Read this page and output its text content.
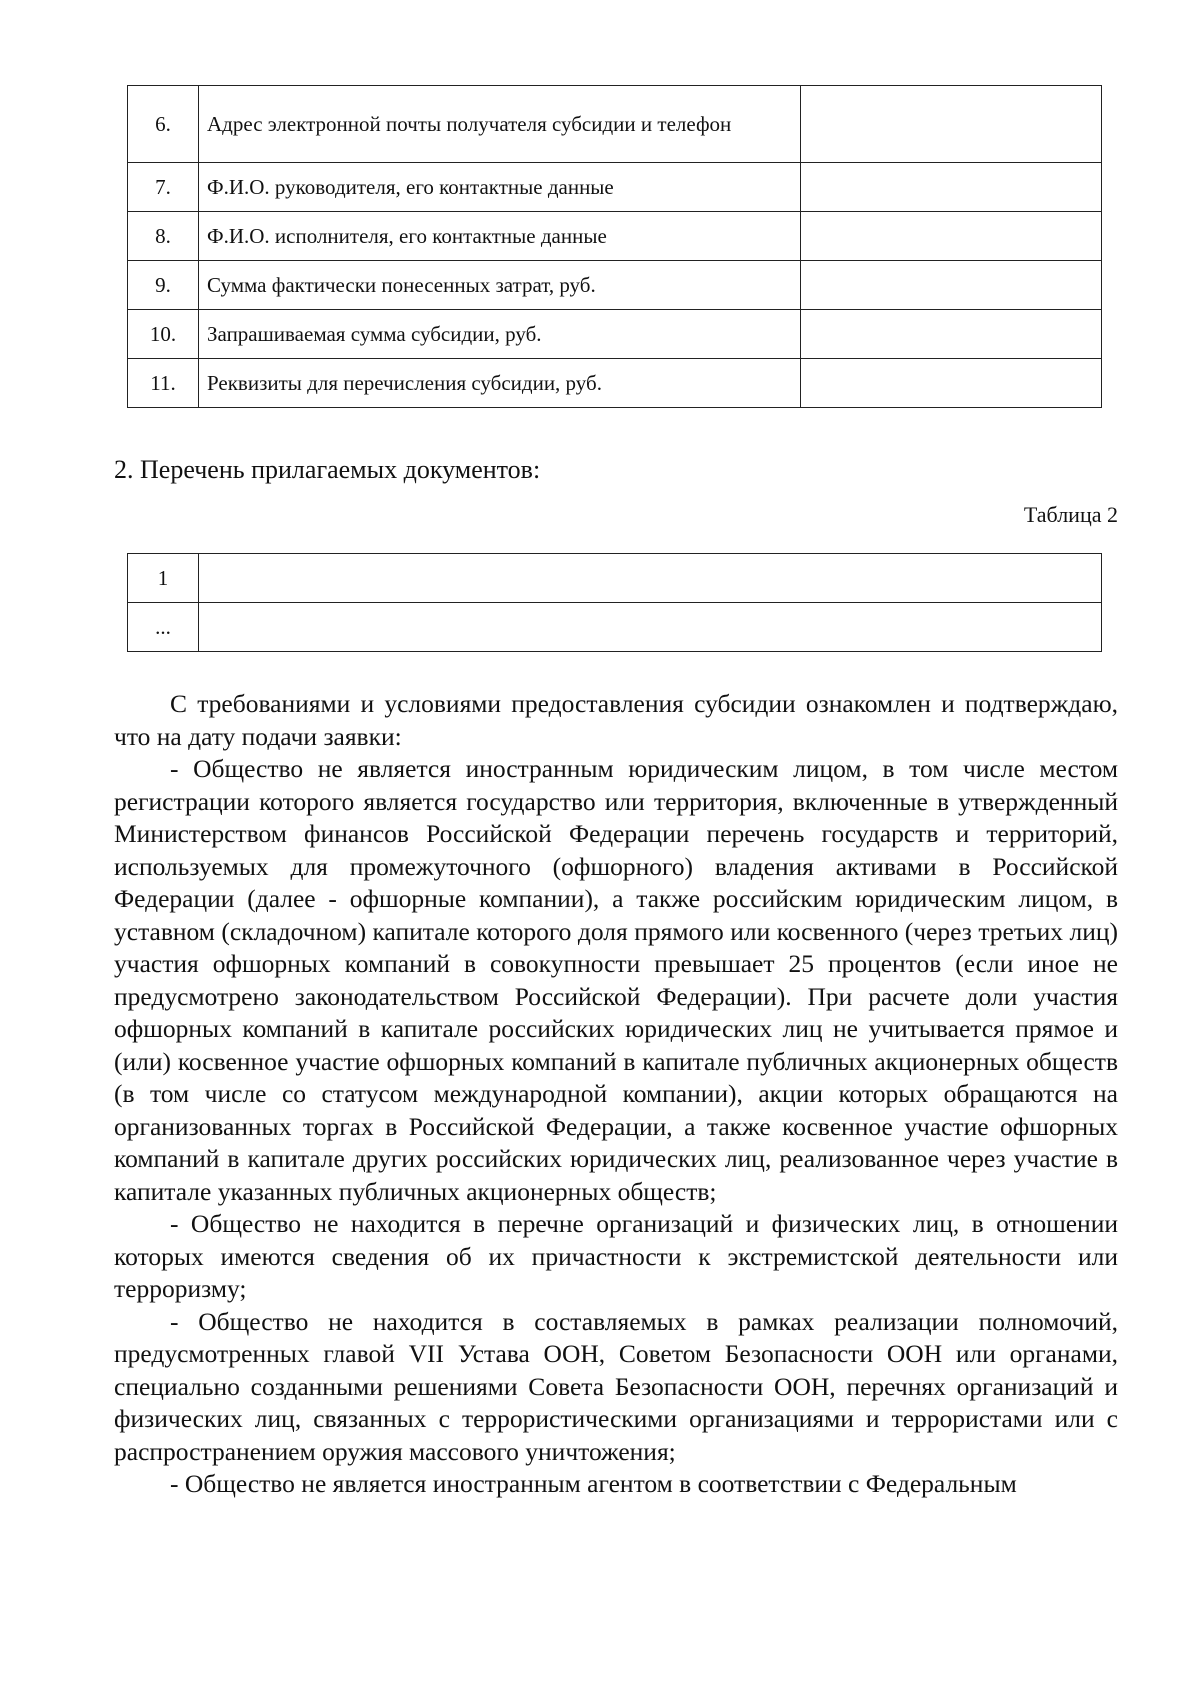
6.	Адрес электронной почты получателя субсидии и телефон	
7.	Ф.И.О. руководителя, его контактные данные	
8.	Ф.И.О. исполнителя, его контактные данные	
9.	Сумма фактически понесенных затрат, руб.	
10.	Запрашиваемая сумма субсидии, руб.	
11.	Реквизиты для перечисления субсидии, руб.	
2. Перечень прилагаемых документов:
Таблица 2
1	
...	

С требованиями и условиями предоставления субсидии ознакомлен и подтверждаю, что на дату подачи заявки:

- Общество не является иностранным юридическим лицом, в том числе местом регистрации которого является государство или территория, включенные в утвержденный Министерством финансов Российской Федерации перечень государств и территорий, используемых для промежуточного (офшорного) владения активами в Российской Федерации (далее - офшорные компании), а также российским юридическим лицом, в уставном (складочном) капитале которого доля прямого или косвенного (через третьих лиц) участия офшорных компаний в совокупности превышает 25 процентов (если иное не предусмотрено законодательством Российской Федерации). При расчете доли участия офшорных компаний в капитале российских юридических лиц не учитывается прямое и (или) косвенное участие офшорных компаний в капитале публичных акционерных обществ (в том числе со статусом международной компании), акции которых обращаются на организованных торгах в Российской Федерации, а также косвенное участие офшорных компаний в капитале других российских юридических лиц, реализованное через участие в капитале указанных публичных акционерных обществ;

- Общество не находится в перечне организаций и физических лиц, в отношении которых имеются сведения об их причастности к экстремистской деятельности или терроризму;

- Общество не находится в составляемых в рамках реализации полномочий, предусмотренных главой VII Устава ООН, Советом Безопасности ООН или органами, специально созданными решениями Совета Безопасности ООН, перечнях организаций и физических лиц, связанных с террористическими организациями и террористами или с распространением оружия массового уничтожения;

- Общество не является иностранным агентом в соответствии с Федеральным
